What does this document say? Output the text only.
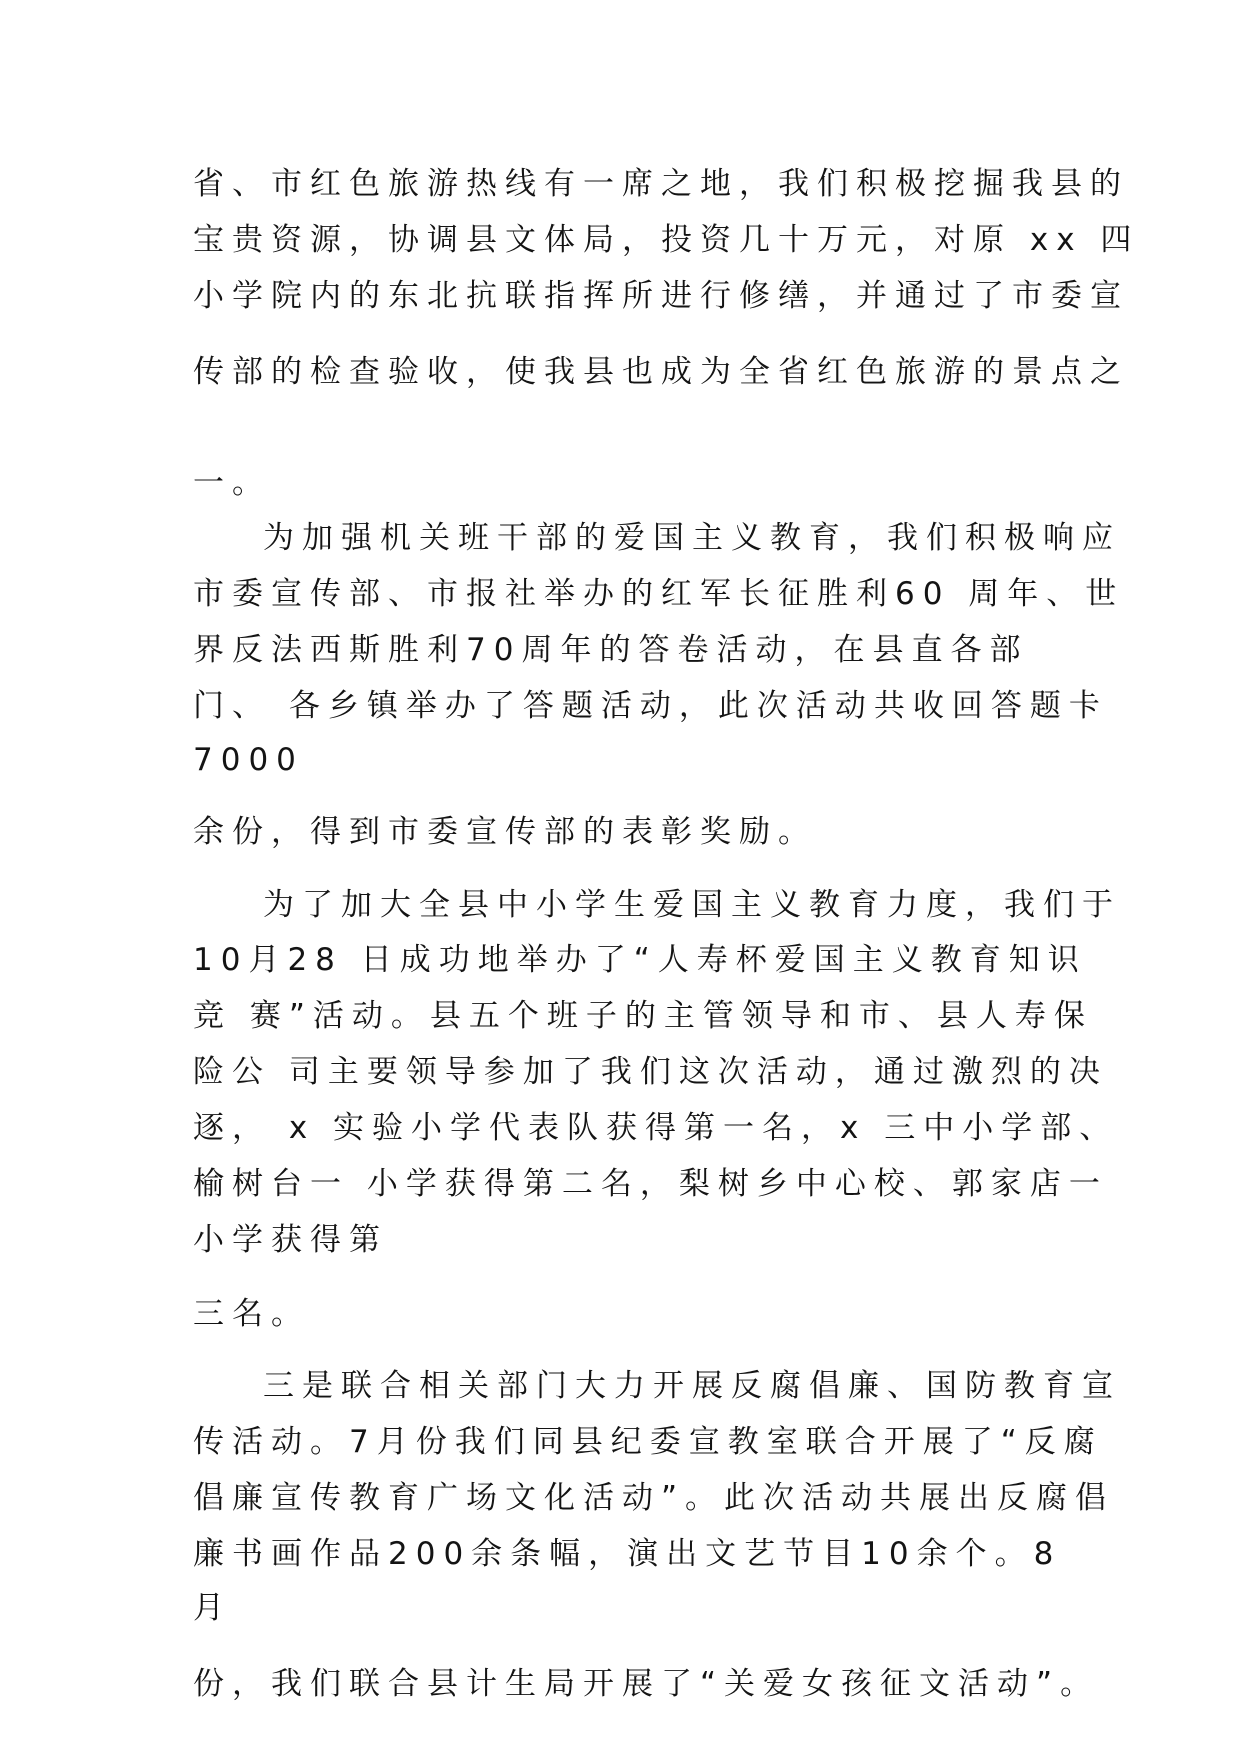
省、市红色旅游热线有一席之地，我们积极挖掘我县的
宝贵资源，协调县文体局，投资几十万元，对原 xx 四
小学院内的东北抗联指挥所进行修缮，并通过了市委宣
传部的检查验收，使我县也成为全省红色旅游的景点之
一。
为加强机关班干部的爱国主义教育，我们积极响应
市委宣传部、市报社举办的红军长征胜利60 周年、世
界反法西斯胜利70周年的答卷活动，在县直各部
门、 各乡镇举办了答题活动，此次活动共收回答题卡
7000
余份，得到市委宣传部的表彰奖励。
为了加大全县中小学生爱国主义教育力度，我们于
10月28 日成功地举办了“人寿杯爱国主义教育知识
竞 赛”活动。县五个班子的主管领导和市、县人寿保
险公 司主要领导参加了我们这次活动，通过激烈的决
逐， x 实验小学代表队获得第一名，x 三中小学部、
榆树台一 小学获得第二名，梨树乡中心校、郭家店一
小学获得第
三名。
三是联合相关部门大力开展反腐倡廉、国防教育宣
传活动。7月份我们同县纪委宣教室联合开展了“反腐
倡廉宣传教育广场文化活动”。此次活动共展出反腐倡
廉书画作品200余条幅，演出文艺节目10余个。8
月
份，我们联合县计生局开展了“关爱女孩征文活动”。
